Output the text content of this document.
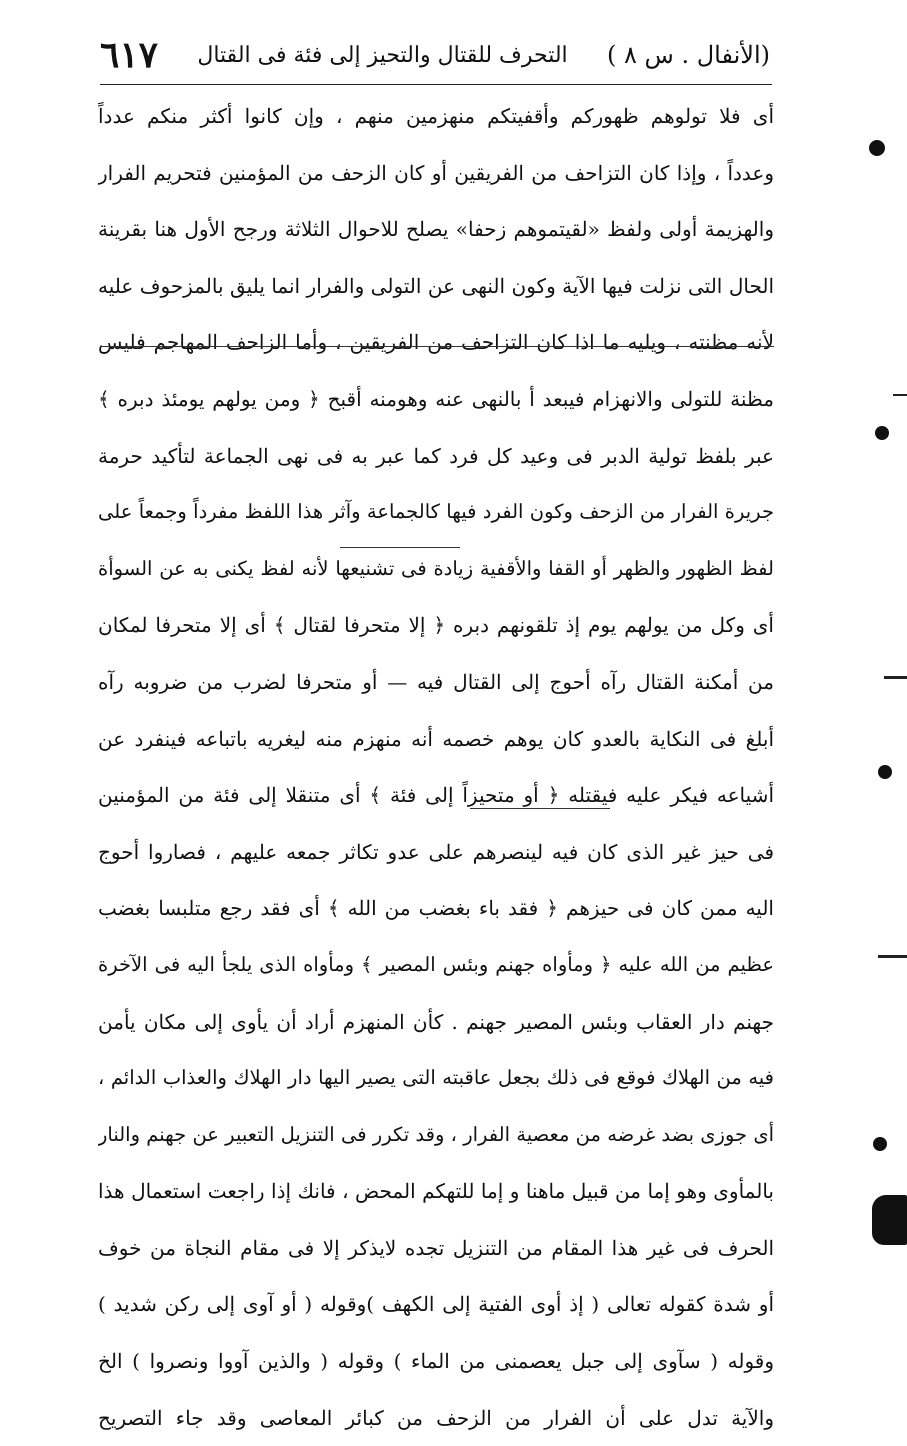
(الأنفال . س ٨ )
التحرف للقتال والتحيز إلى فئة فى القتال
٦١٧
أى فلا تولوهم ظهوركم وأقفيتكم منهزمين منهم ، وإن كانوا أكثر منكم عدداً
وعدداً ، وإذا كان التزاحف من الفريقين أو كان الزحف من المؤمنين فتحريم الفرار
والهزيمة أولى ولفظ «لقيتموهم زحفا» يصلح للاحوال الثلاثة ورجح الأول هنا بقرينة
الحال التى نزلت فيها الآية وكون النهى عن التولى والفرار انما يليق بالمزحوف عليه
لأنه مظنته ، ويليه ما اذا كان التزاحف من الفريقين ، وأما الزاحف المهاجم فليس
مظنة للتولى والانهزام فيبعد أ بالنهى عنه وهومنه أقبح ﴿ ومن يولهم يومئذ دبره ﴾
عبر بلفظ تولية الدبر فى وعيد كل فرد كما عبر به فى نهى الجماعة لتأكيد حرمة
جريرة الفرار من الزحف وكون الفرد فيها كالجماعة وآثر هذا اللفظ مفرداً وجمعاً على
لفظ الظهور والظهر أو القفا والأقفية زيادة فى تشنيعها لأنه لفظ يكنى به عن السوأة
أى وكل من يولهم يوم إذ تلقونهم دبره ﴿ إلا متحرفا لقتال ﴾ أى إلا متحرفا لمكان
من أمكنة القتال رآه أحوج إلى القتال فيه — أو متحرفا لضرب من ضروبه رآه
أبلغ فى النكاية بالعدو كان يوهم خصمه أنه منهزم منه ليغريه باتباعه فينفرد عن
أشياعه فيكر عليه فيقتله ﴿ أو متحيزاً إلى فئة ﴾ أى متنقلا إلى فئة من المؤمنين
فى حيز غير الذى كان فيه لينصرهم على عدو تكاثر جمعه عليهم ، فصاروا أحوج
اليه ممن كان فى حيزهم ﴿ فقد باء بغضب من الله ﴾ أى فقد رجع متلبسا بغضب
عظيم من الله عليه ﴿ ومأواه جهنم وبئس المصير ﴾ ومأواه الذى يلجأ اليه فى الآخرة
جهنم دار العقاب وبئس المصير جهنم . كأن المنهزم أراد أن يأوى إلى مكان يأمن
فيه من الهلاك فوقع فى ذلك بجعل عاقبته التى يصير اليها دار الهلاك والعذاب الدائم ،
أى جوزى بضد غرضه من معصية الفرار ، وقد تكرر فى التنزيل التعبير عن جهنم والنار
بالمأوى وهو إما من قبيل ماهنا و إما للتهكم المحض ، فانك إذا راجعت استعمال هذا
الحرف فى غير هذا المقام من التنزيل تجده لايذكر إلا فى مقام النجاة من خوف
أو شدة كقوله تعالى ( إذ أوى الفتية إلى الكهف )وقوله ( أو آوى إلى ركن شديد )
وقوله ( سآوى إلى جبل يعصمنى من الماء ) وقوله ( والذين آووا ونصروا ) الخ
والآية تدل على أن الفرار من الزحف من كبائر المعاصى وقد جاء التصريح
